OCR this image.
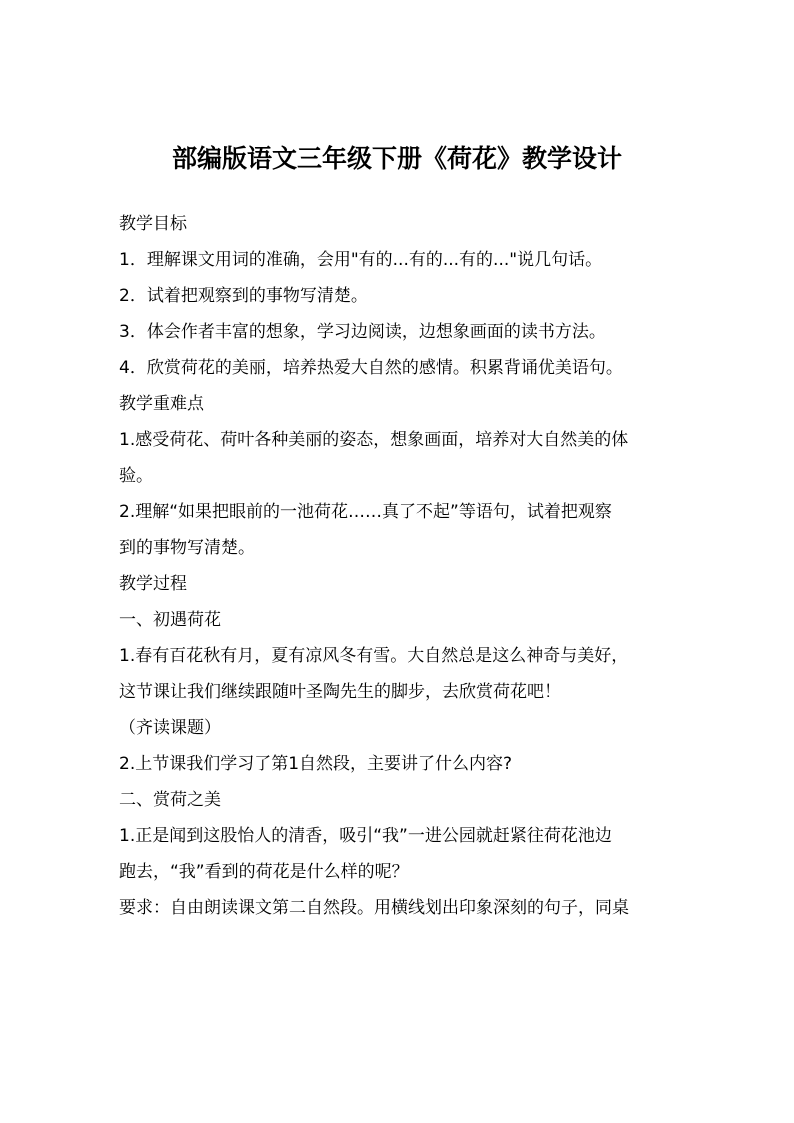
部编版语文三年级下册《荷花》教学设计

教学目标

1．理解课文用词的准确，会用"有的...有的...有的..."说几句话。

2．试着把观察到的事物写清楚。

3．体会作者丰富的想象，学习边阅读，边想象画面的读书方法。

4．欣赏荷花的美丽，培养热爱大自然的感情。积累背诵优美语句。

教学重难点

1.感受荷花、荷叶各种美丽的姿态，想象画面，培养对大自然美的体

验。

2.理解“如果把眼前的一池荷花……真了不起”等语句，试着把观察

到的事物写清楚。

教学过程

一、初遇荷花

1.春有百花秋有月，夏有凉风冬有雪。大自然总是这么神奇与美好，

这节课让我们继续跟随叶圣陶先生的脚步，去欣赏荷花吧！

（齐读课题）

2.上节课我们学习了第1自然段，主要讲了什么内容?

二、赏荷之美

1.正是闻到这股怡人的清香，吸引“我”一进公园就赶紧往荷花池边

跑去，“我”看到的荷花是什么样的呢？

要求：自由朗读课文第二自然段。用横线划出印象深刻的句子，同桌
